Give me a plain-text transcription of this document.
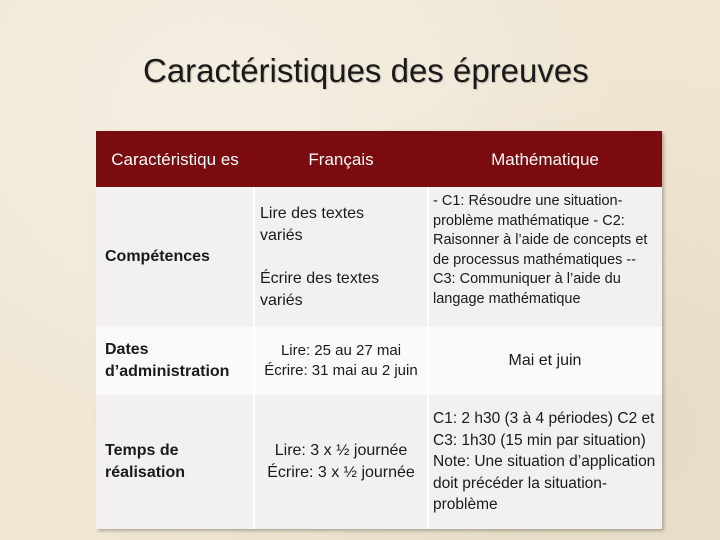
Caractéristiques des épreuves
Caractéristiqu es	Français	Mathématique
Compétences
Lire des textes variés
Écrire des textes variés
- C1: Résoudre une situation-problème mathématique - C2: Raisonner à l’aide de concepts et de processus mathématiques --C3: Communiquer à l’aide du langage mathématique
Dates d’administration
Lire: 25 au 27 mai Écrire: 31 mai au 2 juin
Mai et juin
Temps de réalisation
Lire: 3 x ½ journée Écrire: 3 x ½ journée
C1: 2 h30 (3 à 4 périodes) C2 et C3: 1h30 (15 min par situation) Note: Une situation d’application doit précéder la situation-problème
